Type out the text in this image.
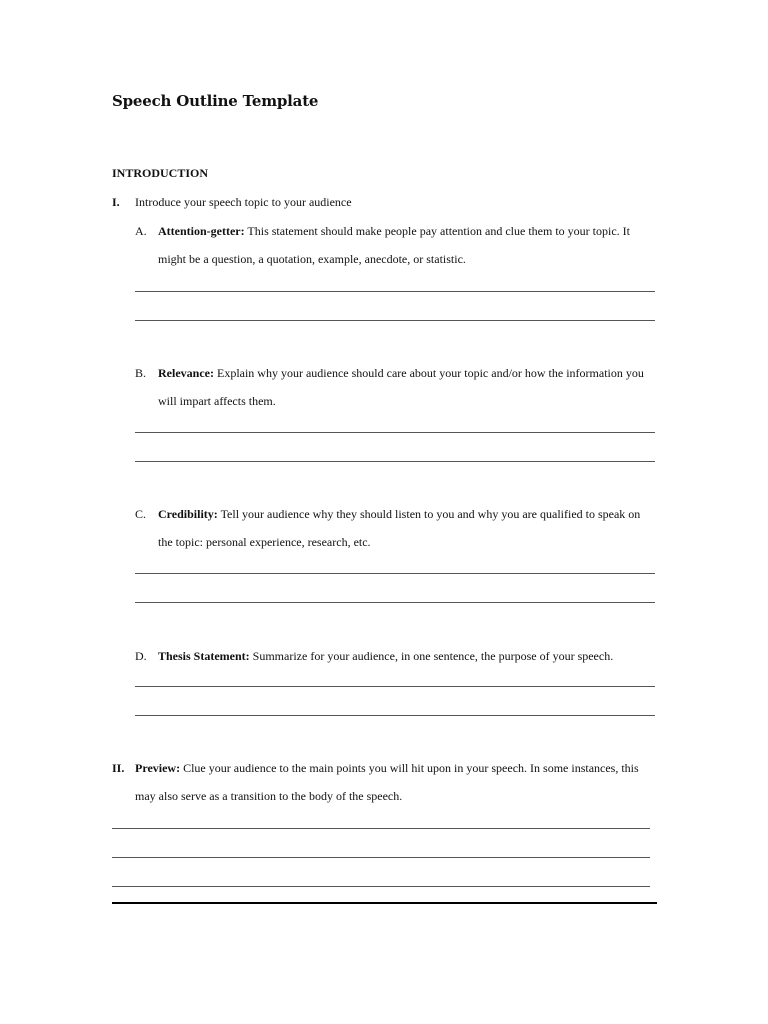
Speech Outline Template
INTRODUCTION
I. Introduce your speech topic to your audience
A. Attention-getter: This statement should make people pay attention and clue them to your topic. It
might be a question, a quotation, example, anecdote, or statistic.
B. Relevance: Explain why your audience should care about your topic and/or how the information you
will impart affects them.
C. Credibility: Tell your audience why they should listen to you and why you are qualified to speak on
the topic: personal experience, research, etc.
D. Thesis Statement: Summarize for your audience, in one sentence, the purpose of your speech.
II. Preview: Clue your audience to the main points you will hit upon in your speech. In some instances, this
may also serve as a transition to the body of the speech.
